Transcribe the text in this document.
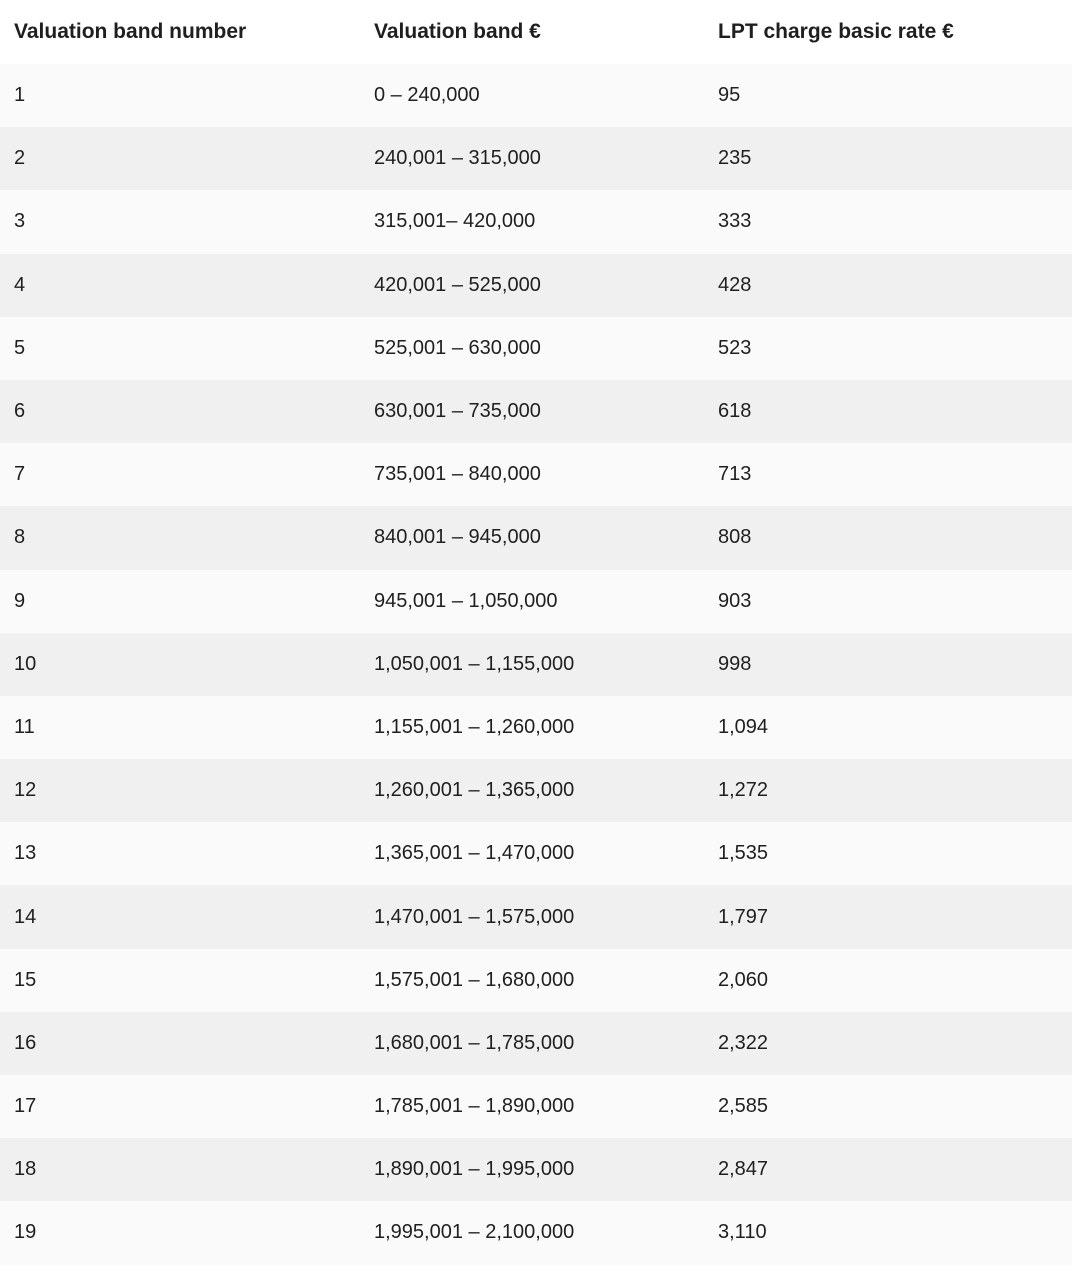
Valuation band number	Valuation band €	LPT charge basic rate €
1	0 – 240,000	95
2	240,001 – 315,000	235
3	315,001– 420,000	333
4	420,001 – 525,000	428
5	525,001 – 630,000	523
6	630,001 – 735,000	618
7	735,001 – 840,000	713
8	840,001 – 945,000	808
9	945,001 – 1,050,000	903
10	1,050,001 – 1,155,000	998
11	1,155,001 – 1,260,000	1,094
12	1,260,001 – 1,365,000	1,272
13	1,365,001 – 1,470,000	1,535
14	1,470,001 – 1,575,000	1,797
15	1,575,001 – 1,680,000	2,060
16	1,680,001 – 1,785,000	2,322
17	1,785,001 – 1,890,000	2,585
18	1,890,001 – 1,995,000	2,847
19	1,995,001 – 2,100,000	3,110
